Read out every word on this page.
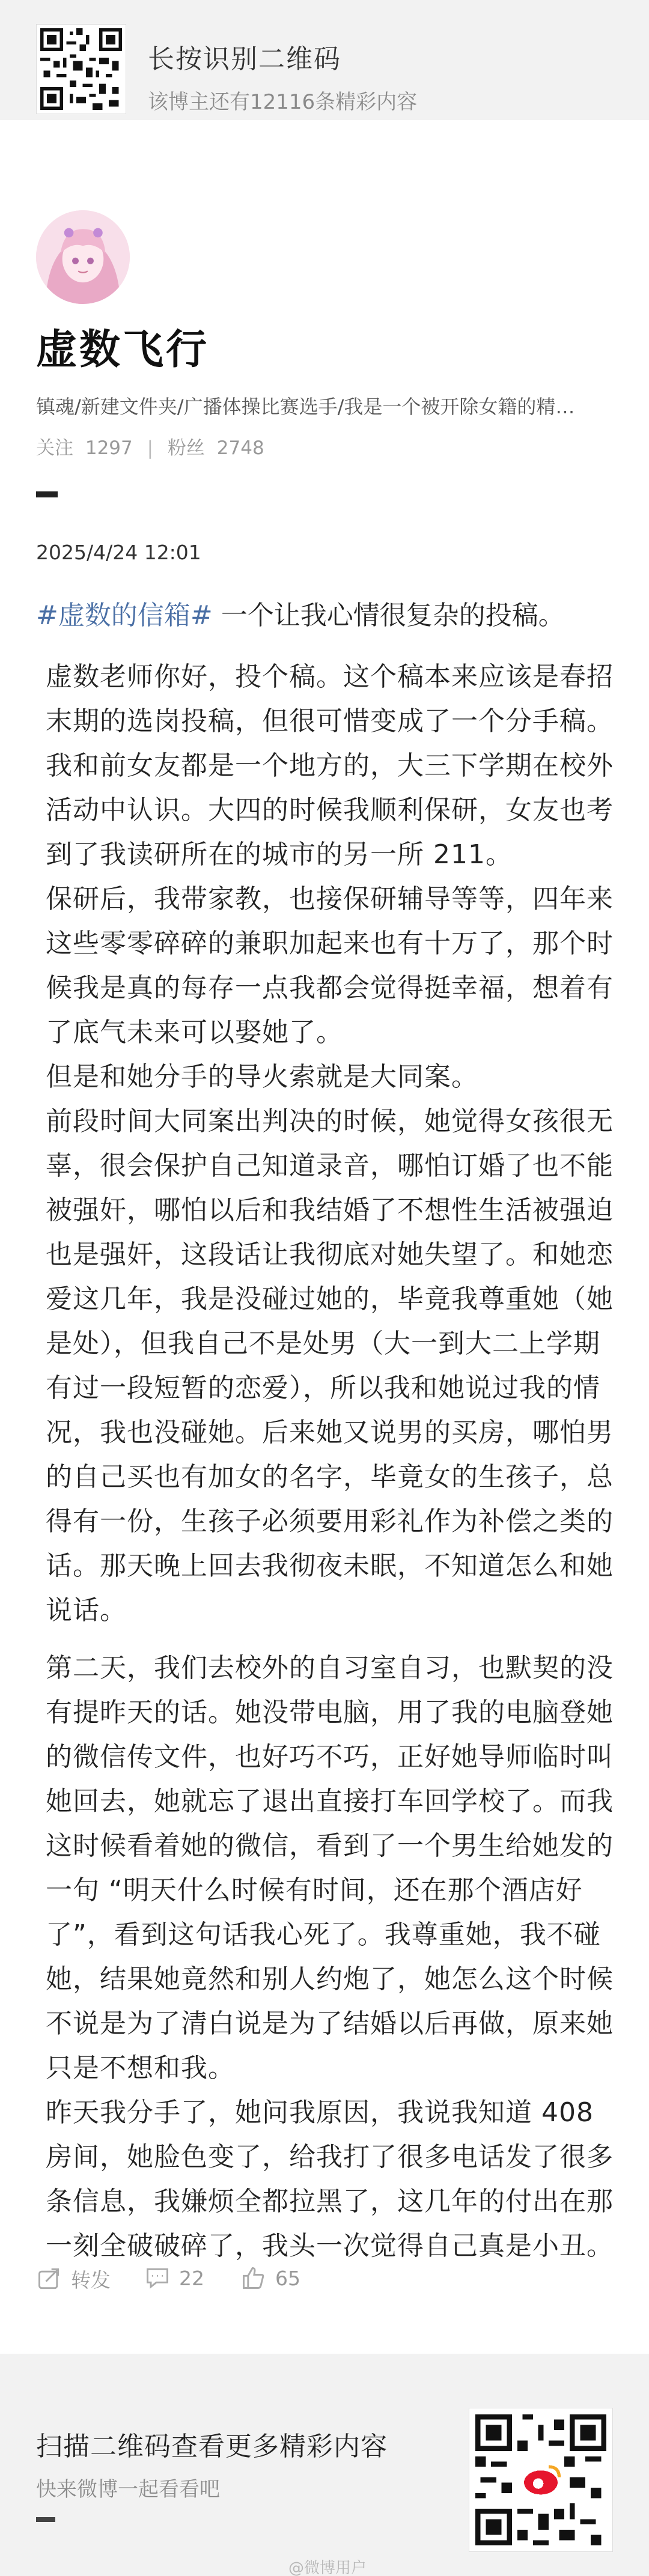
长按识别二维码
该博主还有12116条精彩内容
虚数飞行
镇魂/新建文件夹/广播体操比赛选手/我是一个被开除女籍的精…
关注 1297 | 粉丝 2748
2025/4/24 12:01
#虚数的信箱# 一个让我心情很复杂的投稿。

虚数老师你好，投个稿。这个稿本来应该是春招末期的选岗投稿，但很可惜变成了一个分手稿。我和前女友都是一个地方的，大三下学期在校外活动中认识。大四的时候我顺利保研，女友也考到了我读研所在的城市的另一所 211。

保研后，我带家教，也接保研辅导等等，四年来这些零零碎碎的兼职加起来也有十万了，那个时候我是真的每存一点我都会觉得挺幸福，想着有了底气未来可以娶她了。

但是和她分手的导火索就是大同案。

前段时间大同案出判决的时候，她觉得女孩很无辜，很会保护自己知道录音，哪怕订婚了也不能被强奸，哪怕以后和我结婚了不想性生活被强迫也是强奸，这段话让我彻底对她失望了。和她恋爱这几年，我是没碰过她的，毕竟我尊重她（她是处），但我自己不是处男（大一到大二上学期有过一段短暂的恋爱），所以我和她说过我的情况，我也没碰她。后来她又说男的买房，哪怕男的自己买也有加女的名字，毕竟女的生孩子，总得有一份，生孩子必须要用彩礼作为补偿之类的话。那天晚上回去我彻夜未眠，不知道怎么和她说话。

第二天，我们去校外的自习室自习，也默契的没有提昨天的话。她没带电脑，用了我的电脑登她的微信传文件，也好巧不巧，正好她导师临时叫她回去，她就忘了退出直接打车回学校了。而我这时候看着她的微信，看到了一个男生给她发的一句 “明天什么时候有时间，还在那个酒店好了”，看到这句话我心死了。我尊重她，我不碰她，结果她竟然和别人约炮了，她怎么这个时候不说是为了清白说是为了结婚以后再做，原来她只是不想和我。

昨天我分手了，她问我原因，我说我知道 408 房间，她脸色变了，给我打了很多电话发了很多条信息，我嫌烦全都拉黑了，这几年的付出在那一刻全破破碎了，我头一次觉得自己真是小丑。

转发	22	65
扫描二维码查看更多精彩内容
快来微博一起看看吧
@微博用户
